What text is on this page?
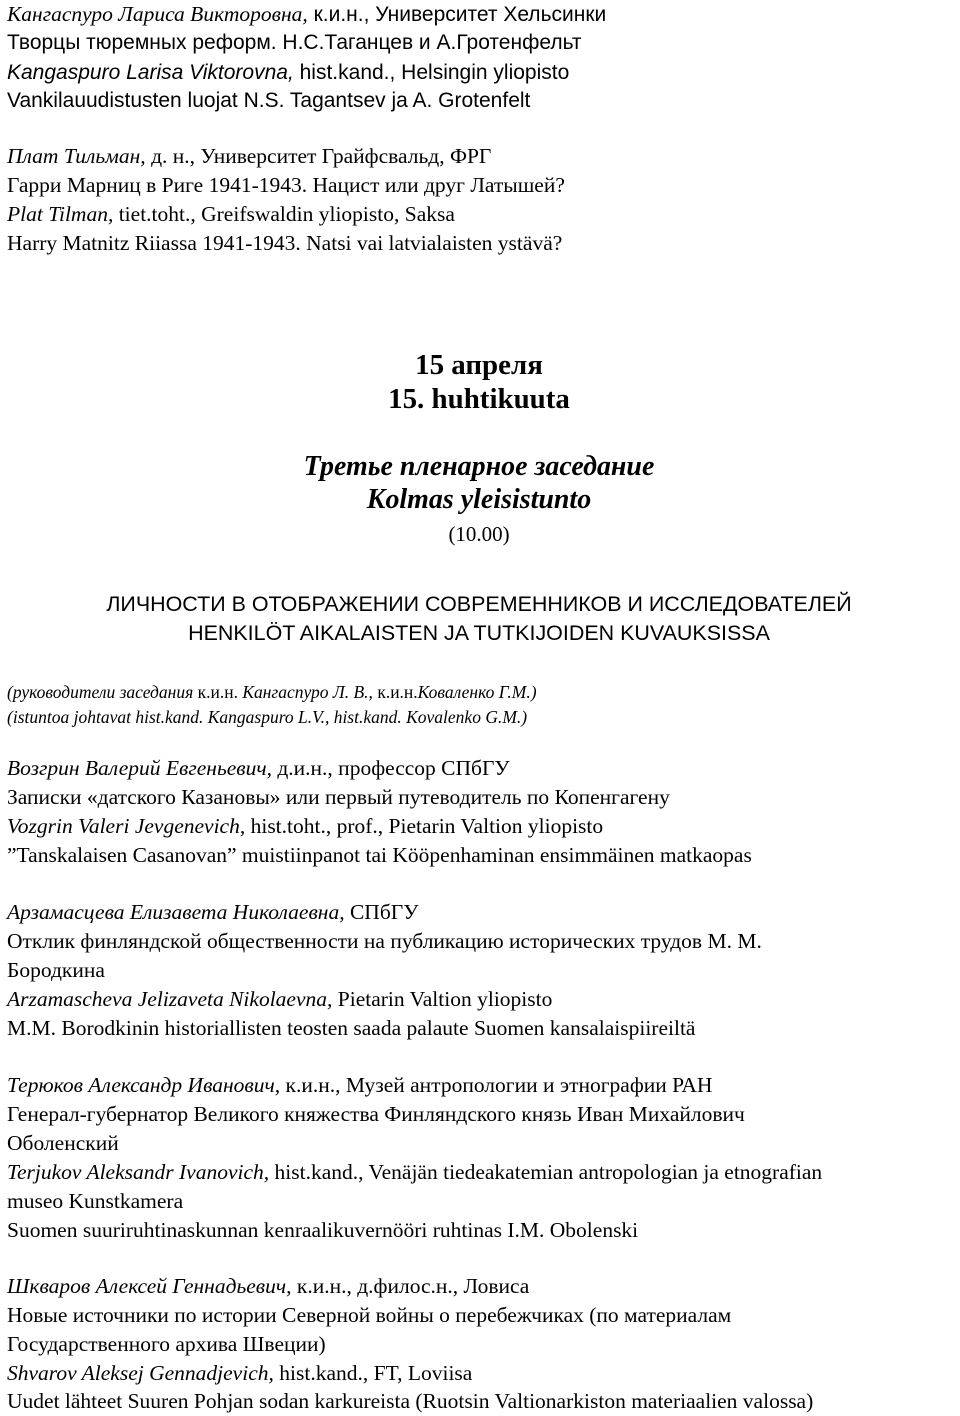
Кангаспуро Лариса Викторовна, к.и.н., Университет Хельсинки
Творцы тюремных реформ. Н.С.Таганцев и А.Гротенфельт
Kangaspuro Larisa Viktorovna, hist.kand., Helsingin yliopisto
Vankilauudistusten luojat N.S. Tagantsev ja A. Grotenfelt
Плат Тильман, д. н., Университет Грайфсвальд, ФРГ
Гарри Марниц в Риге 1941-1943. Нацист или друг Латышей?
Plat Tilman, tiet.toht., Greifswaldin yliopisto, Saksa
Harry Matnitz Riiassa 1941-1943. Natsi vai latvialaisten ystävä?
15 апреля
15. huhtikuuta
Третье пленарное заседание
Kolmas yleisistunto
(10.00)
ЛИЧНОСТИ В ОТОБРАЖЕНИИ СОВРЕМЕННИКОВ И ИССЛЕДОВАТЕЛЕЙ
HENKILÖT AIKALAISTEN JA TUTKIJOIDEN KUVAUKSISSA
(руководители заседания к.и.н. Кангаспуро Л. В., к.и.н.Коваленко Г.М.)
(istuntoa johtavat hist.kand. Kangaspuro L.V., hist.kand. Kovalenko G.M.)
Возгрин Валерий Евгеньевич, д.и.н., профессор СПбГУ
Записки «датского Казановы» или первый путеводитель по Копенгагену
Vozgrin Valeri Jevgenevich, hist.toht., prof., Pietarin Valtion yliopisto
”Tanskalaisen Casanovan” muistiinpanot tai Kööpenhaminan ensimmäinen matkaopas
Арзамасцева Елизавета Николаевна, СПбГУ
Отклик финляндской общественности на публикацию исторических трудов М. М.
Бородкина
Arzamascheva Jelizaveta Nikolaevna, Pietarin Valtion yliopisto
M.M. Borodkinin historiallisten teosten saada palaute Suomen kansalaispiireiltä
Терюков Александр Иванович, к.и.н., Музей антропологии и этнографии РАН
Генерал-губернатор Великого княжества Финляндского князь Иван Михайлович
Оболенский
Terjukov Aleksandr Ivanovich, hist.kand., Venäjän tiedeakatemian antropologian ja etnografian
museo Kunstkamera
Suomen suuriruhtinaskunnan kenraalikuvernööri ruhtinas I.M. Obolenski
Шкваров Алексей Геннадьевич, к.и.н., д.филос.н., Ловиса
Новые источники по истории Северной войны о перебежчиках (по материалам
Государственного архива Швеции)
Shvarov Aleksej Gennadjevich, hist.kand., FT, Loviisa
Uudet lähteet Suuren Pohjan sodan karkureista (Ruotsin Valtionarkiston materiaalien valossa)
